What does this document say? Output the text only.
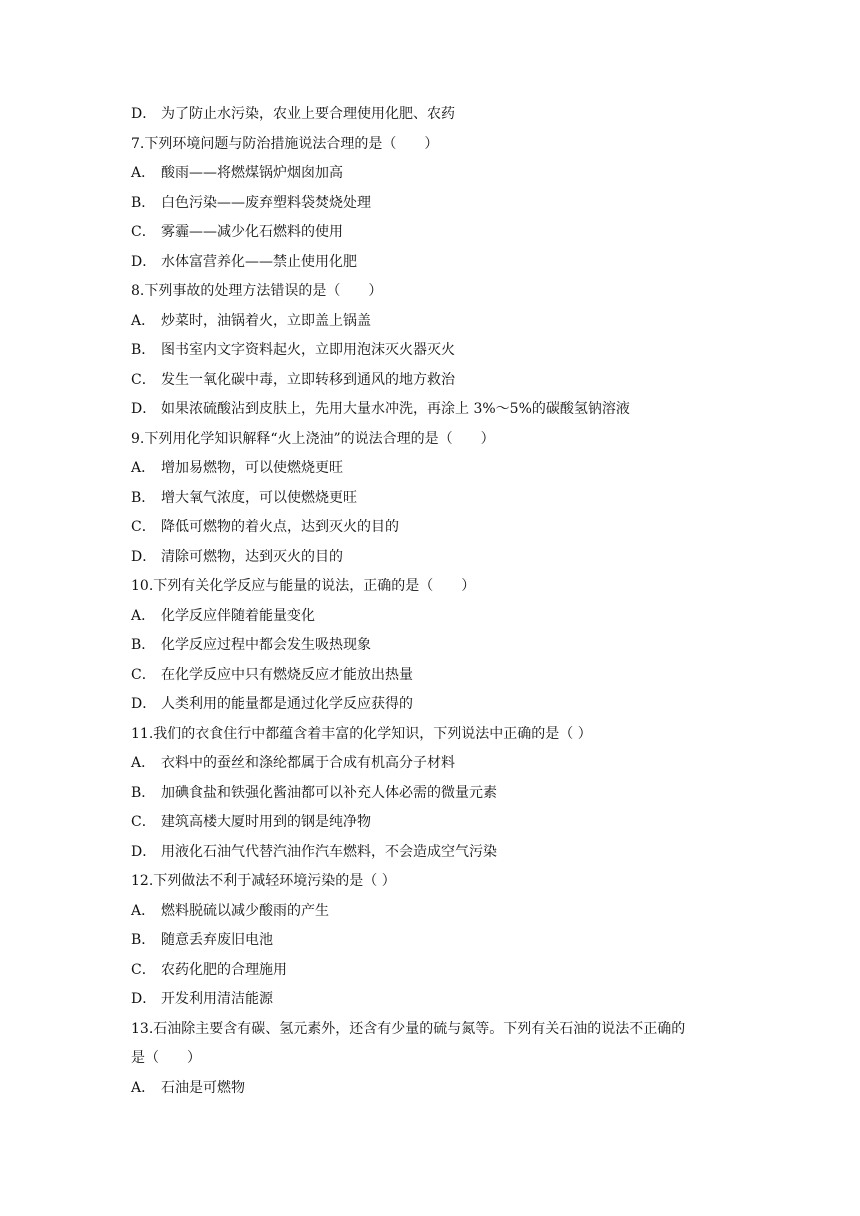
D． 为了防止水污染，农业上要合理使用化肥、农药
7.下列环境问题与防治措施说法合理的是（　　）
A． 酸雨——将燃煤锅炉烟囱加高
B． 白色污染——废弃塑料袋焚烧处理
C． 雾霾——减少化石燃料的使用
D． 水体富营养化——禁止使用化肥
8.下列事故的处理方法错误的是（　　）
A． 炒菜时，油锅着火，立即盖上锅盖
B． 图书室内文字资料起火，立即用泡沫灭火器灭火
C． 发生一氧化碳中毒，立即转移到通风的地方救治
D． 如果浓硫酸沾到皮肤上，先用大量水冲洗，再涂上 3%～5%的碳酸氢钠溶液
9.下列用化学知识解释“火上浇油”的说法合理的是（　　）
A． 增加易燃物，可以使燃烧更旺
B． 增大氧气浓度，可以使燃烧更旺
C． 降低可燃物的着火点，达到灭火的目的
D． 清除可燃物，达到灭火的目的
10.下列有关化学反应与能量的说法，正确的是（　　）
A． 化学反应伴随着能量变化
B． 化学反应过程中都会发生吸热现象
C． 在化学反应中只有燃烧反应才能放出热量
D． 人类利用的能量都是通过化学反应获得的
11.我们的衣食住行中都蕴含着丰富的化学知识，下列说法中正确的是（ ）
A． 衣料中的蚕丝和涤纶都属于合成有机高分子材料
B． 加碘食盐和铁强化酱油都可以补充人体必需的微量元素
C． 建筑高楼大厦时用到的钢是纯净物
D． 用液化石油气代替汽油作汽车燃料，不会造成空气污染
12.下列做法不利于减轻环境污染的是（ ）
A． 燃料脱硫以减少酸雨的产生
B． 随意丢弃废旧电池
C． 农药化肥的合理施用
D． 开发利用清洁能源
13.石油除主要含有碳、氢元素外，还含有少量的硫与氮等。下列有关石油的说法不正确的
是（　　）
A． 石油是可燃物
